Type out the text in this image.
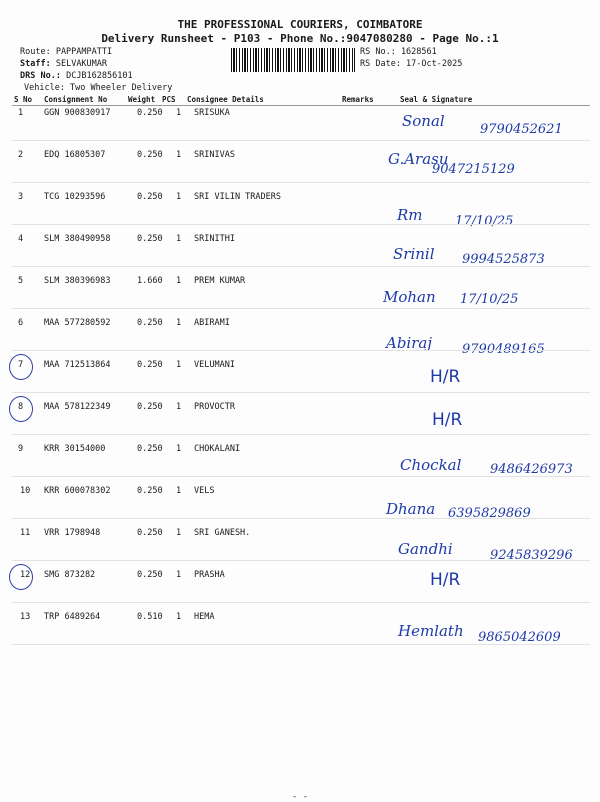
THE PROFESSIONAL COURIERS, COIMBATORE
Delivery Runsheet - P103 - Phone No.:9047080280 - Page No.:1
Route: PAPPAMPATTI
Staff: SELVAKUMAR
DRS No.: DCJB162856101
Vehicle: Two Wheeler Delivery
RS No.: 1628561
RS Date: 17-Oct-2025
S No Consignment No	Weight PCS Consignee Details	Remarks	Seal & Signature
1 GGN 900830917	0.250 1 SRISUKA	Sonal	9790452621
2 EDQ 16805307	0.250 1 SRINIVAS	G.Arasu
9047215129
3 TCG 10293596	0.250 1 SRI VILIN TRADERS
Rm 17/10/25
4 SLM 380490958	0.250 1 SRINITHI
Srinil 9994525873
5 SLM 380396983	1.660 1 PREM KUMAR
Mohan 17/10/25
6 MAA 577280592	0.250 1 ABIRAMI
Abiraj 9790489165
7 MAA 712513864	0.250 1 VELUMANI
H/R
8 MAA 578122349	0.250 1 PROVOCTR
H/R
9 KRR 30154000	0.250 1 CHOKALANI
Chockal 9486426973
10 KRR 600078302	0.250 1 VELS
Dhana 6395829869
11 VRR 1798948	0.250 1 SRI GANESH.
Gandhi	9245839296
12 SMG 873282	0.250 1 PRASHA	H/R
13 TRP 6489264	0.510 1 HEMA
Hemlath 9865042609
- -
